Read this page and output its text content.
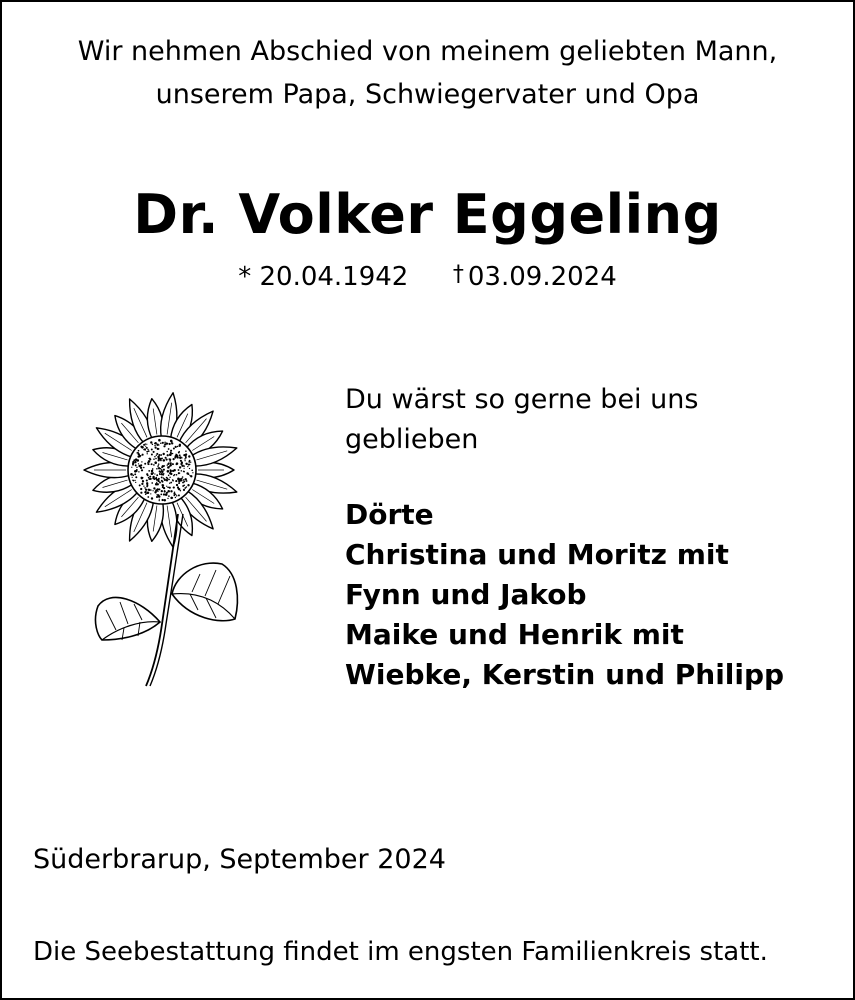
Wir nehmen Abschied von meinem geliebten Mann,
unserem Papa, Schwiegervater und Opa
Dr. Volker Eggeling
* 20.04.1942 † 03.09.2024
Du wärst so gerne bei uns
geblieben
Dörte
Christina und Moritz mit
Fynn und Jakob
Maike und Henrik mit
Wiebke, Kerstin und Philipp
Süderbrarup, September 2024
Die Seebestattung findet im engsten Familienkreis statt.
